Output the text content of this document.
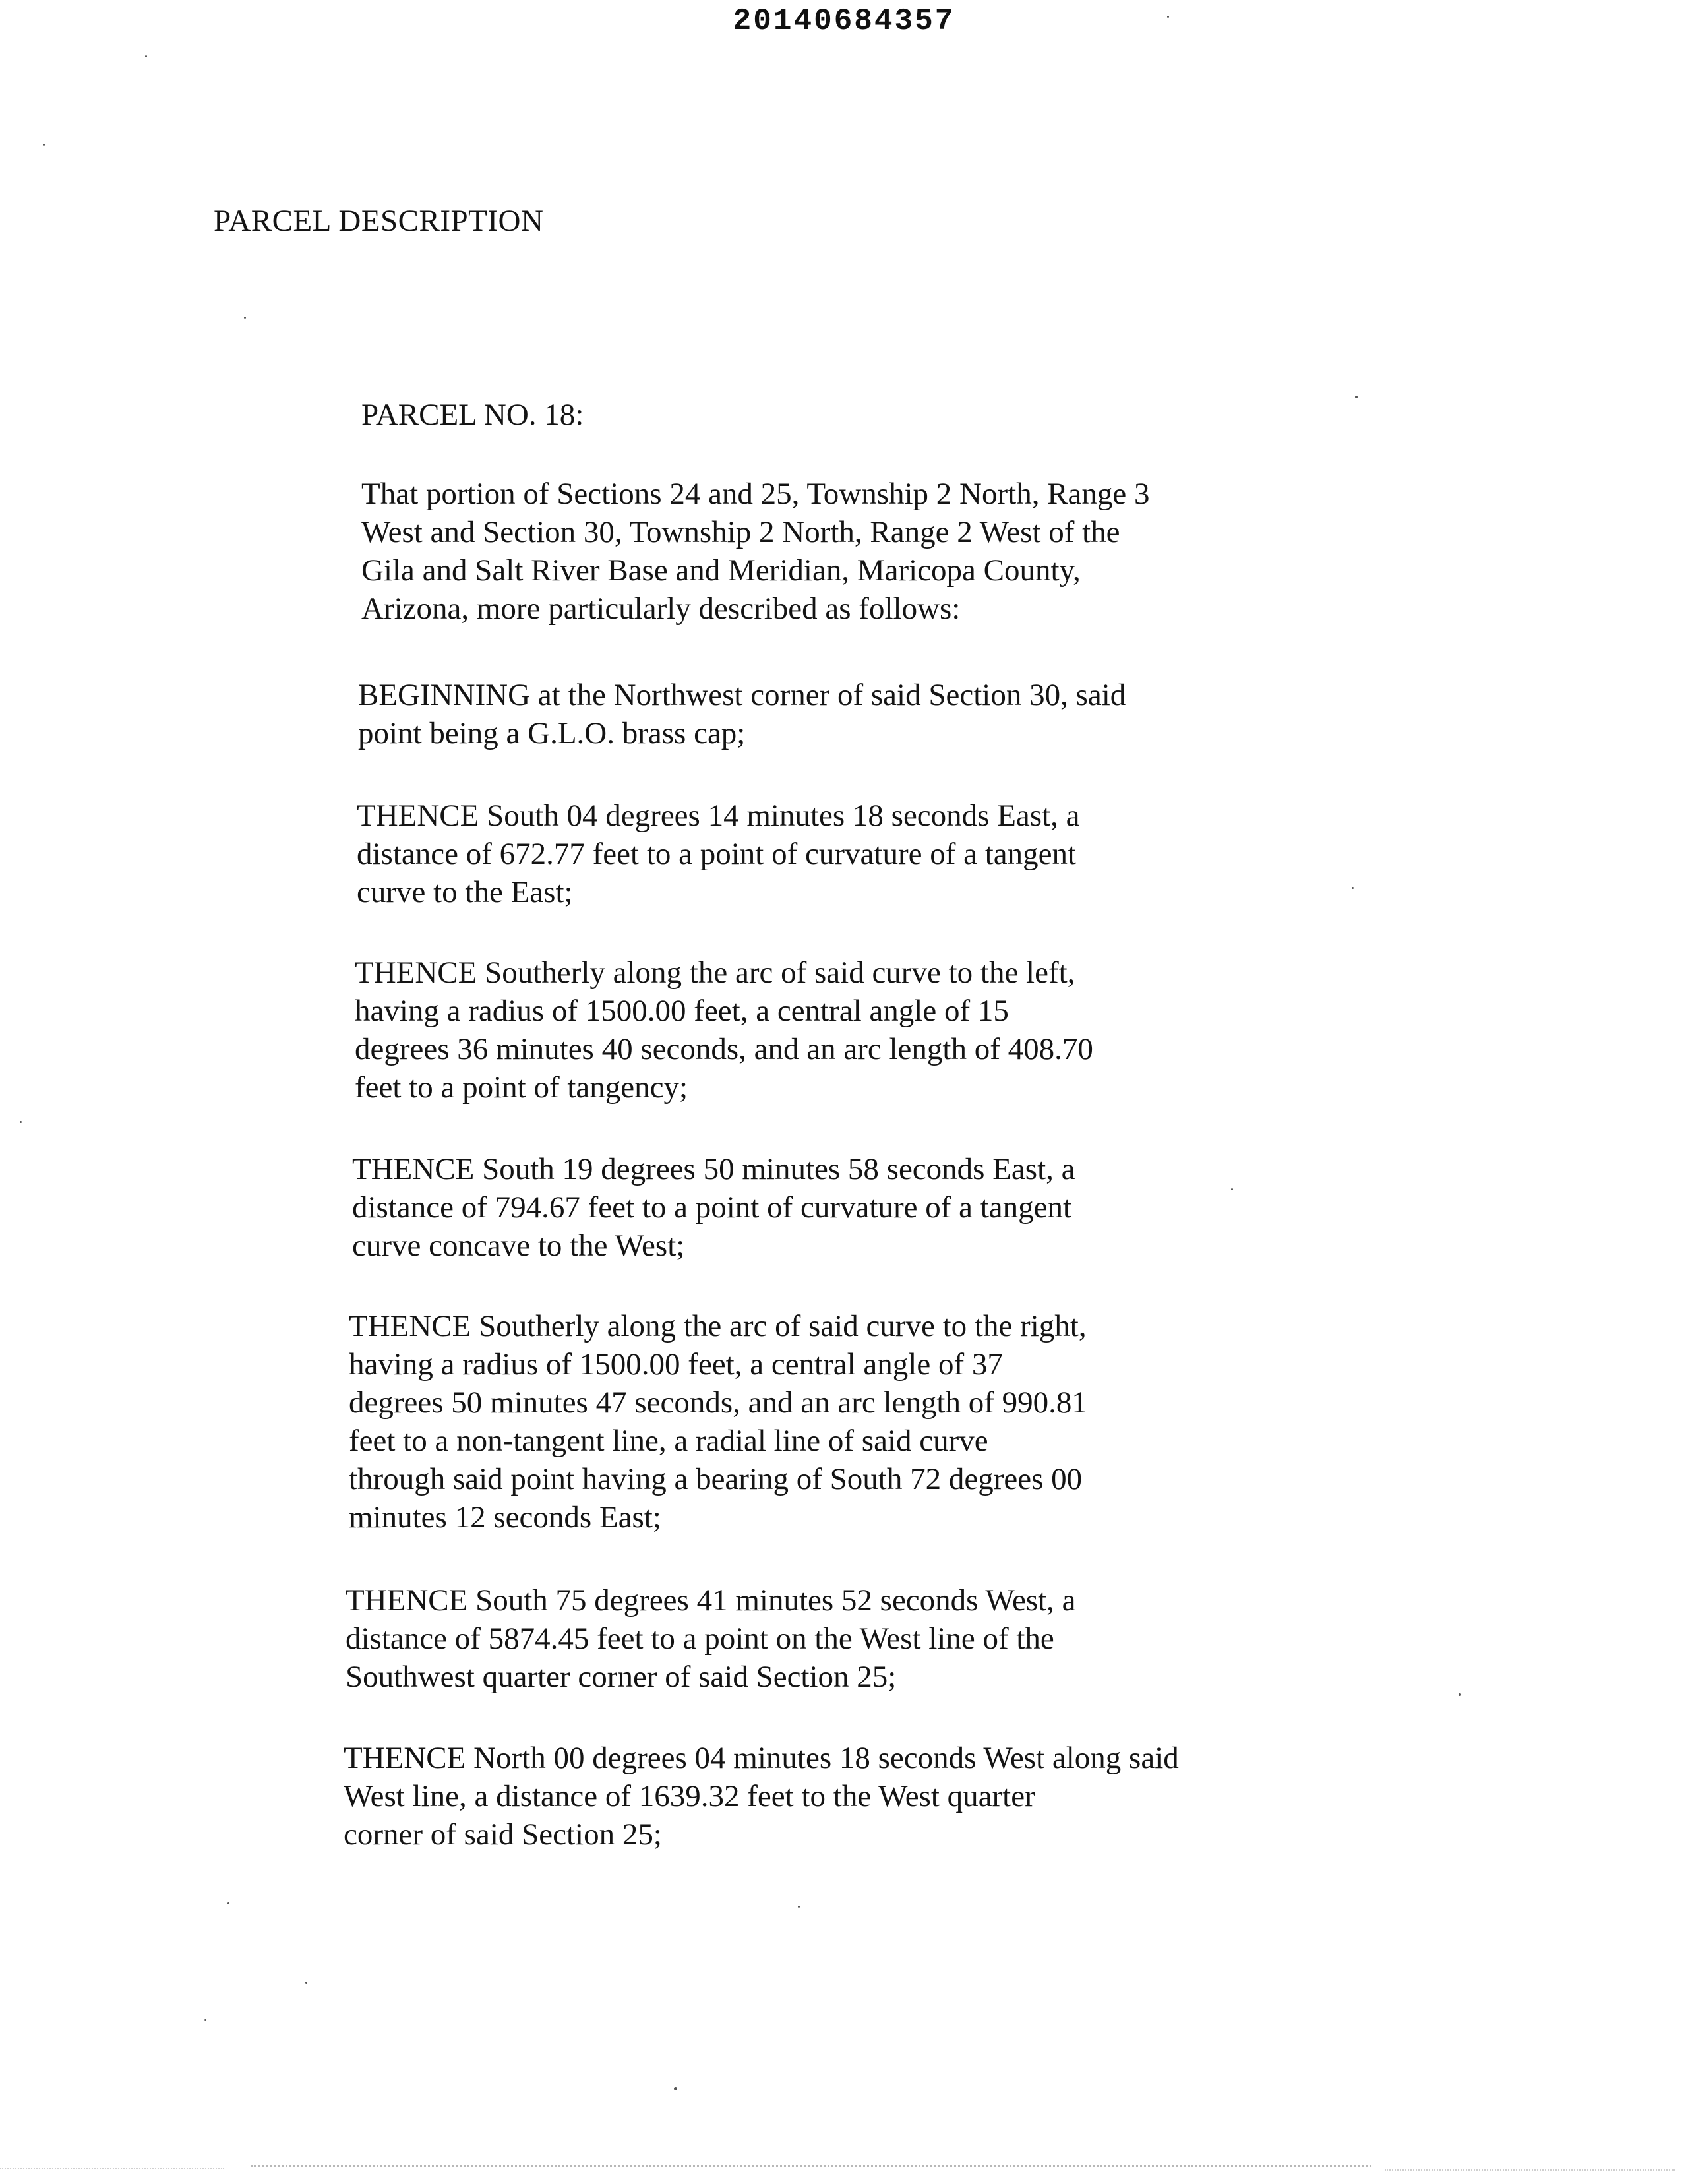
20140684357
PARCEL DESCRIPTION
PARCEL NO. 18:

That portion of Sections 24 and 25, Township 2 North, Range 3
West and Section 30, Township 2 North, Range 2 West of the
Gila and Salt River Base and Meridian, Maricopa County,
Arizona, more particularly described as follows:

BEGINNING at the Northwest corner of said Section 30, said
point being a G.L.O. brass cap;

THENCE South 04 degrees 14 minutes 18 seconds East, a
distance of 672.77 feet to a point of curvature of a tangent
curve to the East;

THENCE Southerly along the arc of said curve to the left,
having a radius of 1500.00 feet, a central angle of 15
degrees 36 minutes 40 seconds, and an arc length of 408.70
feet to a point of tangency;

THENCE South 19 degrees 50 minutes 58 seconds East, a
distance of 794.67 feet to a point of curvature of a tangent
curve concave to the West;

THENCE Southerly along the arc of said curve to the right,
having a radius of 1500.00 feet, a central angle of 37
degrees 50 minutes 47 seconds, and an arc length of 990.81
feet to a non-tangent line, a radial line of said curve
through said point having a bearing of South 72 degrees 00
minutes 12 seconds East;

THENCE South 75 degrees 41 minutes 52 seconds West, a
distance of 5874.45 feet to a point on the West line of the
Southwest quarter corner of said Section 25;

THENCE North 00 degrees 04 minutes 18 seconds West along said
West line, a distance of 1639.32 feet to the West quarter
corner of said Section 25;
